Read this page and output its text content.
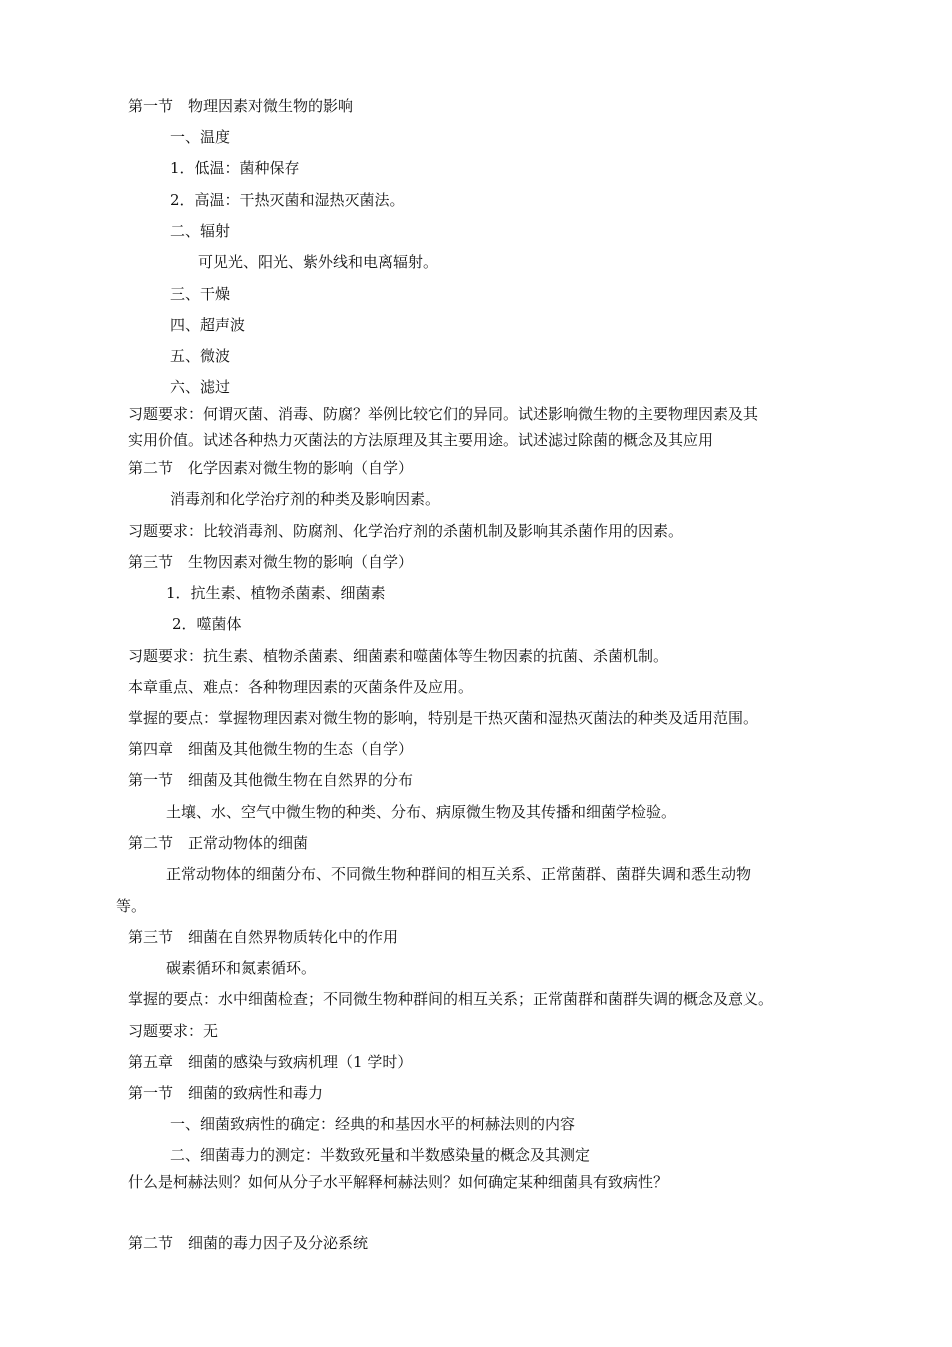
第一节　物理因素对微生物的影响
一、温度
1．低温：菌种保存
2．高温：干热灭菌和湿热灭菌法。
二、辐射
可见光、阳光、紫外线和电离辐射。
三、干燥
四、超声波
五、微波
六、滤过
习题要求：何谓灭菌、消毒、防腐？举例比较它们的异同。试述影响微生物的主要物理因素及其
实用价值。试述各种热力灭菌法的方法原理及其主要用途。试述滤过除菌的概念及其应用
第二节　化学因素对微生物的影响（自学）
消毒剂和化学治疗剂的种类及影响因素。
习题要求：比较消毒剂、防腐剂、化学治疗剂的杀菌机制及影响其杀菌作用的因素。
第三节　生物因素对微生物的影响（自学）
1．抗生素、植物杀菌素、细菌素
2．噬菌体
习题要求：抗生素、植物杀菌素、细菌素和噬菌体等生物因素的抗菌、杀菌机制。
本章重点、难点：各种物理因素的灭菌条件及应用。
掌握的要点：掌握物理因素对微生物的影响，特别是干热灭菌和湿热灭菌法的种类及适用范围。
第四章　细菌及其他微生物的生态（自学）
第一节　细菌及其他微生物在自然界的分布
土壤、水、空气中微生物的种类、分布、病原微生物及其传播和细菌学检验。
第二节　正常动物体的细菌
正常动物体的细菌分布、不同微生物种群间的相互关系、正常菌群、菌群失调和悉生动物
等。
第三节　细菌在自然界物质转化中的作用
碳素循环和氮素循环。
掌握的要点：水中细菌检查；不同微生物种群间的相互关系；正常菌群和菌群失调的概念及意义。
习题要求：无
第五章　细菌的感染与致病机理（1 学时）
第一节　细菌的致病性和毒力
一、细菌致病性的确定：经典的和基因水平的柯赫法则的内容
二、细菌毒力的测定：半数致死量和半数感染量的概念及其测定
什么是柯赫法则？如何从分子水平解释柯赫法则？如何确定某种细菌具有致病性？
第二节　细菌的毒力因子及分泌系统
